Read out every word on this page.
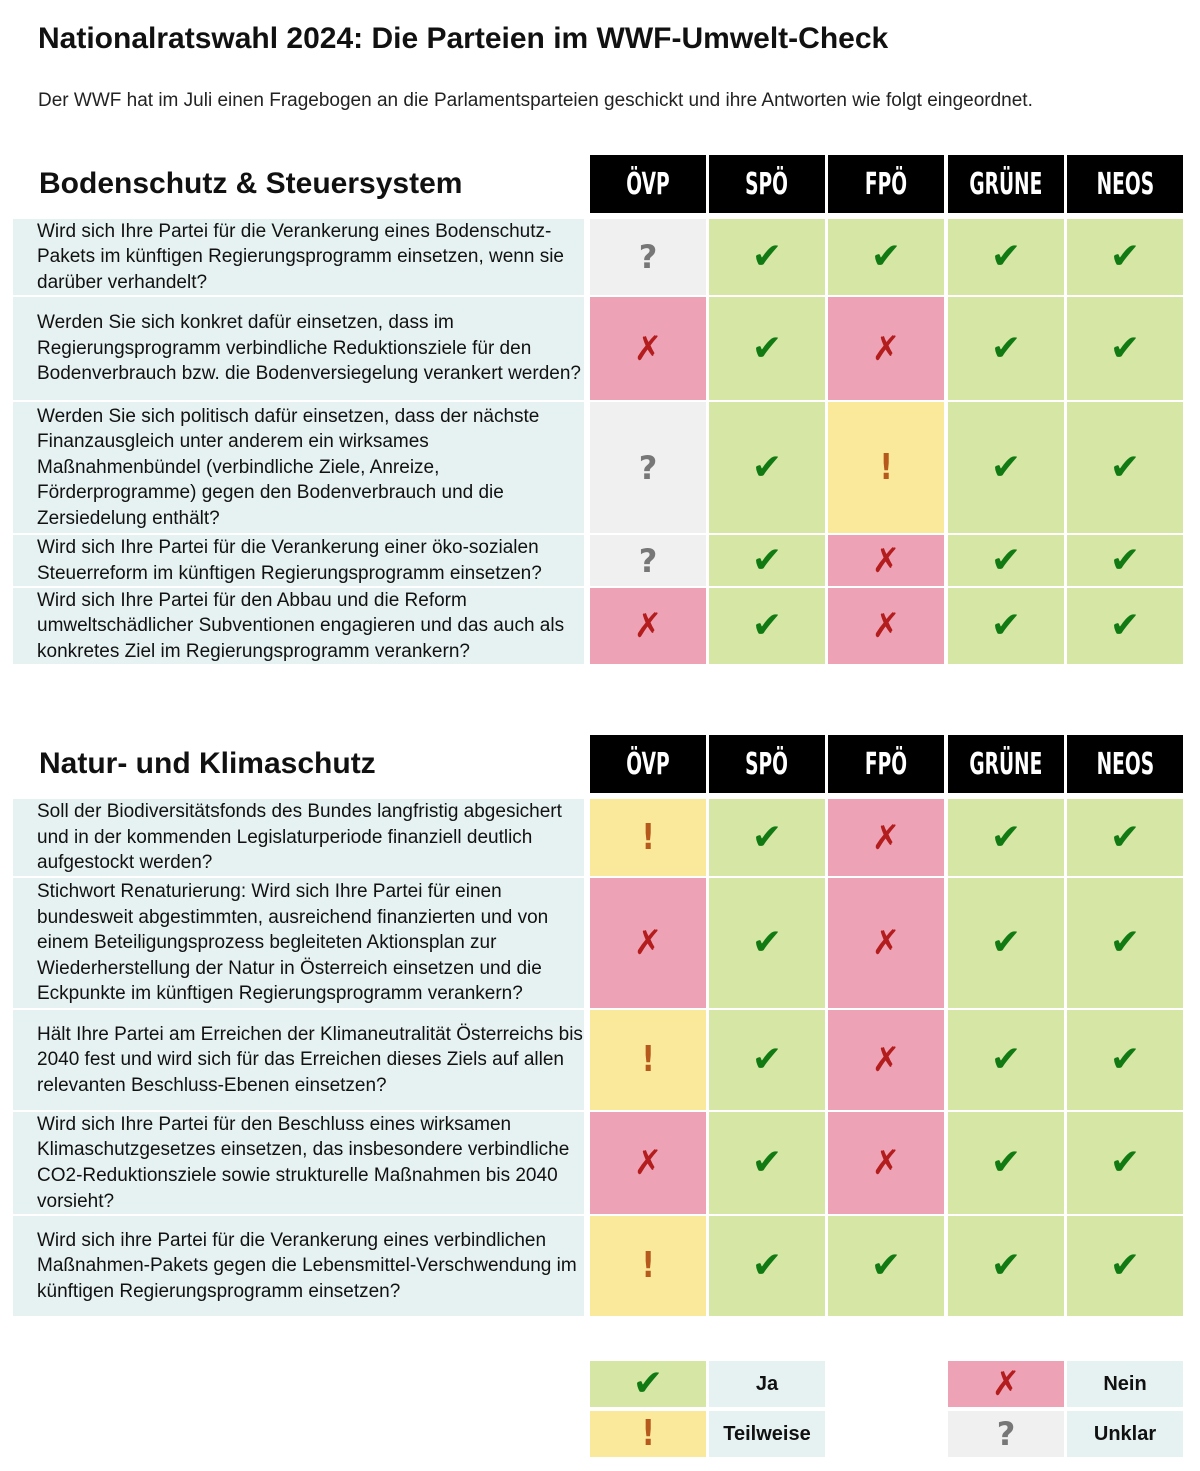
Nationalratswahl 2024: Die Parteien im WWF-Umwelt-Check
Der WWF hat im Juli einen Fragebogen an die Parlamentsparteien geschickt und ihre Antworten wie folgt eingeordnet.
Bodenschutz & Steuersystem	ÖVP	SPÖ	FPÖ GRÜNE NEOS
Wird sich Ihre Partei für die Verankerung eines Bodenschutz-Pakets im künftigen Regierungsprogramm einsetzen, wenn sie darüber verhandelt?
?	✔ ✔ ✔ ✔
Werden Sie sich konkret dafür einsetzen, dass im Regierungsprogramm verbindliche Reduktionsziele für den Bodenverbrauch bzw. die Bodenversiegelung verankert werden?
✗ ✔	✗	✔ ✔
Werden Sie sich politisch dafür einsetzen, dass der nächste Finanzausgleich unter anderem ein wirksames Maßnahmenbündel (verbindliche Ziele, Anreize, Förderprogramme) gegen den Bodenverbrauch und die Zersiedelung enthält?
?	✔	!	✔ ✔
Wird sich Ihre Partei für die Verankerung einer öko-sozialen Steuerreform im künftigen Regierungsprogramm einsetzen?	?	✔	✗	✔ ✔
Wird sich Ihre Partei für den Abbau und die Reform umweltschädlicher Subventionen engagieren und das auch als konkretes Ziel im Regierungsprogramm verankern?
✗ ✔	✗	✔ ✔
Natur- und Klimaschutz	ÖVP	SPÖ	FPÖ GRÜNE NEOS
Soll der Biodiversitätsfonds des Bundes langfristig abgesichert und in der kommenden Legislaturperiode finanziell deutlich aufgestockt werden?
!	✔	✗	✔ ✔
Stichwort Renaturierung: Wird sich Ihre Partei für einen bundesweit abgestimmten, ausreichend finanzierten und von einem Beteiligungsprozess begleiteten Aktionsplan zur Wiederherstellung der Natur in Österreich einsetzen und die Eckpunkte im künftigen Regierungsprogramm verankern?
✗ ✔	✗	✔ ✔
Hält Ihre Partei am Erreichen der Klimaneutralität Österreichs bis 2040 fest und wird sich für das Erreichen dieses Ziels auf allen relevanten Beschluss-Ebenen einsetzen?
!	✔	✗	✔ ✔
Wird sich Ihre Partei für den Beschluss eines wirksamen Klimaschutzgesetzes einsetzen, das insbesondere verbindliche CO2-Reduktionsziele sowie strukturelle Maßnahmen bis 2040 vorsieht?
✗ ✔	✗	✔ ✔
Wird sich ihre Partei für die Verankerung eines verbindlichen Maßnahmen-Pakets gegen die Lebensmittel-Verschwendung im künftigen Regierungsprogramm einsetzen?
!	✔ ✔ ✔ ✔
✔	Ja
!	Teilweise
✗	Nein
?	Unklar
